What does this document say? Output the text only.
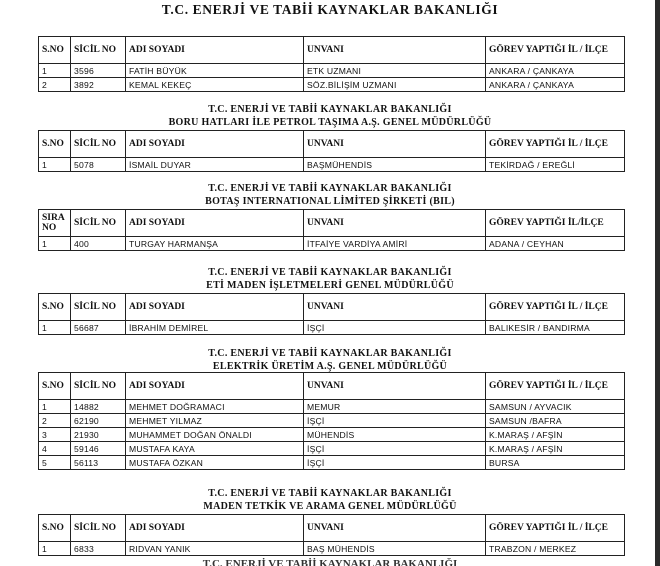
T.C. ENERJİ VE TABİİ KAYNAKLAR BAKANLIĞI
S.NO	SİCİL NO	ADI SOYADI	UNVANI	GÖREV YAPTIĞI İL / İLÇE
1	3596	FATİH BÜYÜK	ETK UZMANI	ANKARA / ÇANKAYA
2	3892	KEMAL KEKEÇ	SÖZ.BİLİŞİM UZMANI	ANKARA / ÇANKAYA
T.C. ENERJİ VE TABİİ KAYNAKLAR BAKANLIĞI
BORU HATLARI İLE PETROL TAŞIMA A.Ş. GENEL MÜDÜRLÜĞÜ
S.NO	SİCİL NO	ADI SOYADI	UNVANI	GÖREV YAPTIĞI İL / İLÇE
1	5078	İSMAİL DUYAR	BAŞMÜHENDİS	TEKİRDAĞ / EREĞLİ
T.C. ENERJİ VE TABİİ KAYNAKLAR BAKANLIĞI
BOTAŞ INTERNATIONAL LİMİTED ŞİRKETİ (BIL)
SIRA NO	SİCİL NO	ADI SOYADI	UNVANI	GÖREV YAPTIĞI İL/İLÇE
1	400	TURGAY HARMANŞA	İTFAİYE VARDİYA AMİRİ	ADANA / CEYHAN
T.C. ENERJİ VE TABİİ KAYNAKLAR BAKANLIĞI
ETİ MADEN İŞLETMELERİ GENEL MÜDÜRLÜĞÜ
S.NO	SİCİL NO	ADI SOYADI	UNVANI	GÖREV YAPTIĞI İL / İLÇE
1	56687	İBRAHİM DEMİREL	İŞÇİ	BALIKESİR / BANDIRMA
T.C. ENERJİ VE TABİİ KAYNAKLAR BAKANLIĞI
ELEKTRİK ÜRETİM A.Ş. GENEL MÜDÜRLÜĞÜ
S.NO	SİCİL NO	ADI SOYADI	UNVANI	GÖREV YAPTIĞI İL / İLÇE
1	14882	MEHMET DOĞRAMACI	MEMUR	SAMSUN / AYVACIK
2	62190	MEHMET YILMAZ	İŞÇİ	SAMSUN /BAFRA
3	21930	MUHAMMET DOĞAN ÖNALDI	MÜHENDİS	K.MARAŞ / AFŞİN
4	59146	MUSTAFA KAYA	İŞÇİ	K.MARAŞ / AFŞİN
5	56113	MUSTAFA ÖZKAN	İŞÇİ	BURSA
T.C. ENERJİ VE TABİİ KAYNAKLAR BAKANLIĞI
MADEN TETKİK VE ARAMA GENEL MÜDÜRLÜĞÜ
S.NO	SİCİL NO	ADI SOYADI	UNVANI	GÖREV YAPTIĞI İL / İLÇE
1	6833	RIDVAN YANIK	BAŞ MÜHENDİS	TRABZON / MERKEZ
T.C. ENERJİ VE TABİİ KAYNAKLAR BAKANLIĞI
